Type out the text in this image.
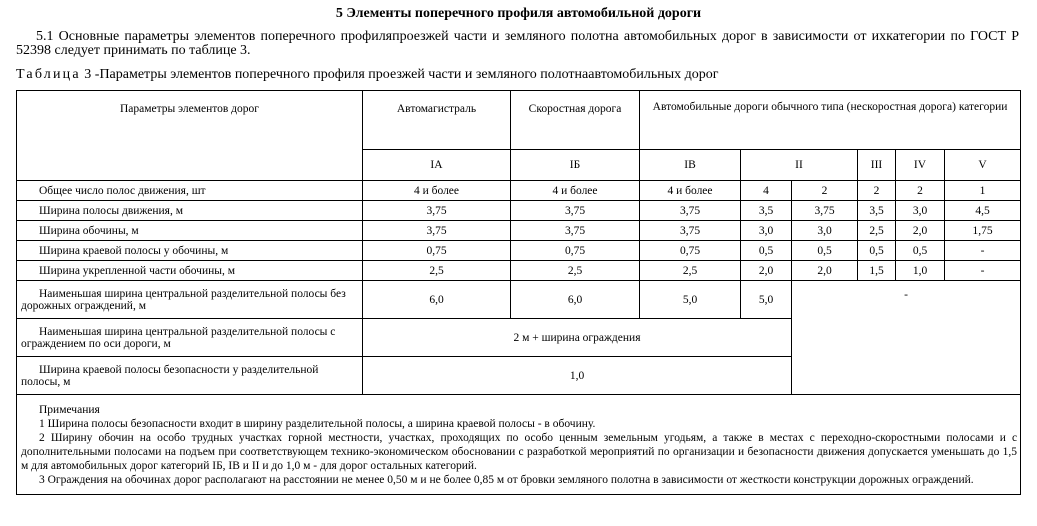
5 Элементы поперечного профиля автомобильной дороги
5.1 Основные параметры элементов поперечного профиляпроезжей части и земляного полотна автомобильных дорог в зависимости от ихкатегории по ГОСТ Р 52398 следует принимать по таблице 3.
Таблица 3 -Параметры элементов поперечного профиля проезжей части и земляного полотнаавтомобильных дорог
Параметры элементов дорог	Автомагистраль	Скоростная дорога	Автомобильные дороги обычного типа (нескоростная дорога) категории					
	IА	IБ	IВ	II		III	IV	V
Общее число полос движения, шт	4 и более	4 и более	4 и более	4	2	2	2	1
Ширина полосы движения, м	3,75	3,75	3,75	3,5	3,75	3,5	3,0	4,5
Ширина обочины, м	3,75	3,75	3,75	3,0	3,0	2,5	2,0	1,75
Ширина краевой полосы у обочины, м	0,75	0,75	0,75	0,5	0,5	0,5	0,5	-
Ширина укрепленной части обочины, м	2,5	2,5	2,5	2,0	2,0	1,5	1,0	-
Наименьшая ширина центральной разделительной полосы без дорожных ограждений, м	6,0	6,0	5,0	5,0	-			
Наименьшая ширина центральной разделительной полосы с ограждением по оси дороги, м	2 м + ширина ограждения							
Ширина краевой полосы безопасности у разделительной полосы, м	1,0							

Примечания
1 Ширина полосы безопасности входит в ширину разделительной полосы, а ширина краевой полосы - в обочину.
2 Ширину обочин на особо трудных участках горной местности, участках, проходящих по особо ценным земельным угодьям, а также в местах с переходно-скоростными полосами и с дополнительными полосами на подъем при соответствующем технико-экономическом обосновании с разработкой мероприятий по организации и безопасности движения допускается уменьшать до 1,5 м для автомобильных дорог категорий IБ, IВ и II и до 1,0 м - для дорог остальных категорий.
3 Ограждения на обочинах дорог располагают на расстоянии не менее 0,50 м и не более 0,85 м от бровки земляного полотна в зависимости от жесткости конструкции дорожных ограждений.								
